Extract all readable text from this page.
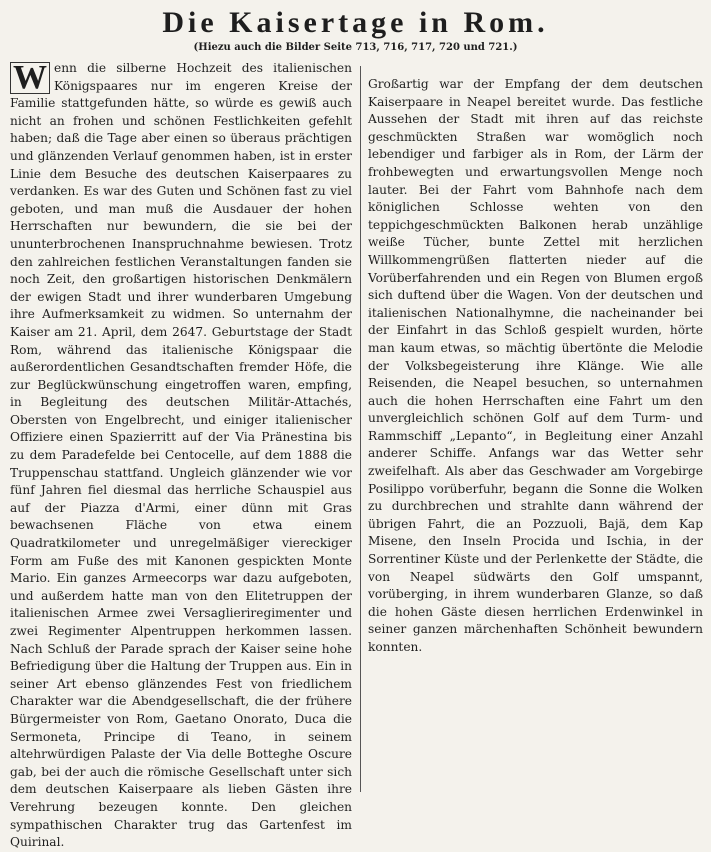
Die Kaisertage in Rom.
(Hiezu auch die Bilder Seite 713, 716, 717, 720 und 721.)

W enn die silberne Hochzeit des italienischen Königspaares nur im engeren Kreise der Familie stattgefunden hätte, so würde es gewiß auch nicht an frohen und schönen Festlichkeiten gefehlt haben; daß die Tage aber einen so überaus prächtigen und glänzenden Verlauf genommen haben, ist in erster Linie dem Besuche des deutschen Kaiserpaares zu verdanken. Es war des Guten und Schönen fast zu viel geboten, und man muß die Ausdauer der hohen Herrschaften nur bewundern, die sie bei der ununterbrochenen Inanspruchnahme bewiesen. Trotz den zahlreichen festlichen Veranstaltungen fanden sie noch Zeit, den großartigen historischen Denkmälern der ewigen Stadt und ihrer wunderbaren Umgebung ihre Aufmerksamkeit zu widmen. So unternahm der Kaiser am 21. April, dem 2647. Geburtstage der Stadt Rom, während das italienische Königspaar die außerordentlichen Gesandtschaften fremder Höfe, die zur Beglückwünschung eingetroffen waren, empfing, in Begleitung des deutschen Militär-Attachés, Obersten von Engelbrecht, und einiger italienischer Offiziere einen Spazierritt auf der Via Pränestina bis zu dem Paradefelde bei Centocelle, auf dem 1888 die Truppenschau stattfand. Ungleich glänzender wie vor fünf Jahren fiel diesmal das herrliche Schauspiel aus auf der Piazza d'Armi, einer dünn mit Gras bewachsenen Fläche von etwa einem Quadratkilometer und unregelmäßiger viereckiger Form am Fuße des mit Kanonen gespickten Monte Mario. Ein ganzes Armeecorps war dazu aufgeboten, und außerdem hatte man von den Elitetruppen der italienischen Armee zwei Versaglieriregimenter und zwei Regimenter Alpentruppen herkommen lassen. Nach Schluß der Parade sprach der Kaiser seine hohe Befriedigung über die Haltung der Truppen aus. Ein in seiner Art ebenso glänzendes Fest von friedlichem Charakter war die Abendgesellschaft, die der frühere Bürgermeister von Rom, Gaetano Onorato, Duca die Sermoneta, Principe di Teano, in seinem altehrwürdigen Palaste der Via delle Botteghe Oscure gab, bei der auch die römische Gesellschaft unter sich dem deutschen Kaiserpaare als lieben Gästen ihre Verehrung bezeugen konnte. Den gleichen sympathischen Charakter trug das Gartenfest im Quirinal.

Großartig war der Empfang der dem deutschen Kaiserpaare in Neapel bereitet wurde. Das festliche Aussehen der Stadt mit ihren auf das reichste geschmückten Straßen war womöglich noch lebendiger und farbiger als in Rom, der Lärm der frohbewegten und erwartungsvollen Menge noch lauter. Bei der Fahrt vom Bahnhofe nach dem königlichen Schlosse wehten von den teppichgeschmückten Balkonen herab unzählige weiße Tücher, bunte Zettel mit herzlichen Willkommengrüßen flatterten nieder auf die Vorüberfahrenden und ein Regen von Blumen ergoß sich duftend über die Wagen. Von der deutschen und italienischen Nationalhymne, die nacheinander bei der Einfahrt in das Schloß gespielt wurden, hörte man kaum etwas, so mächtig übertönte die Melodie der Volksbegeisterung ihre Klänge. Wie alle Reisenden, die Neapel besuchen, so unternahmen auch die hohen Herrschaften eine Fahrt um den unvergleichlich schönen Golf auf dem Turm- und Rammschiff „Lepanto“, in Begleitung einer Anzahl anderer Schiffe. Anfangs war das Wetter sehr zweifelhaft. Als aber das Geschwader am Vorgebirge Posilippo vorüberfuhr, begann die Sonne die Wolken zu durchbrechen und strahlte dann während der übrigen Fahrt, die an Pozzuoli, Bajä, dem Kap Misene, den Inseln Procida und Ischia, in der Sorrentiner Küste und der Perlenkette der Städte, die von Neapel südwärts den Golf umspannt, vorüberging, in ihrem wunderbaren Glanze, so daß die hohen Gäste diesen herrlichen Erdenwinkel in seiner ganzen märchenhaften Schönheit bewundern konnten.
